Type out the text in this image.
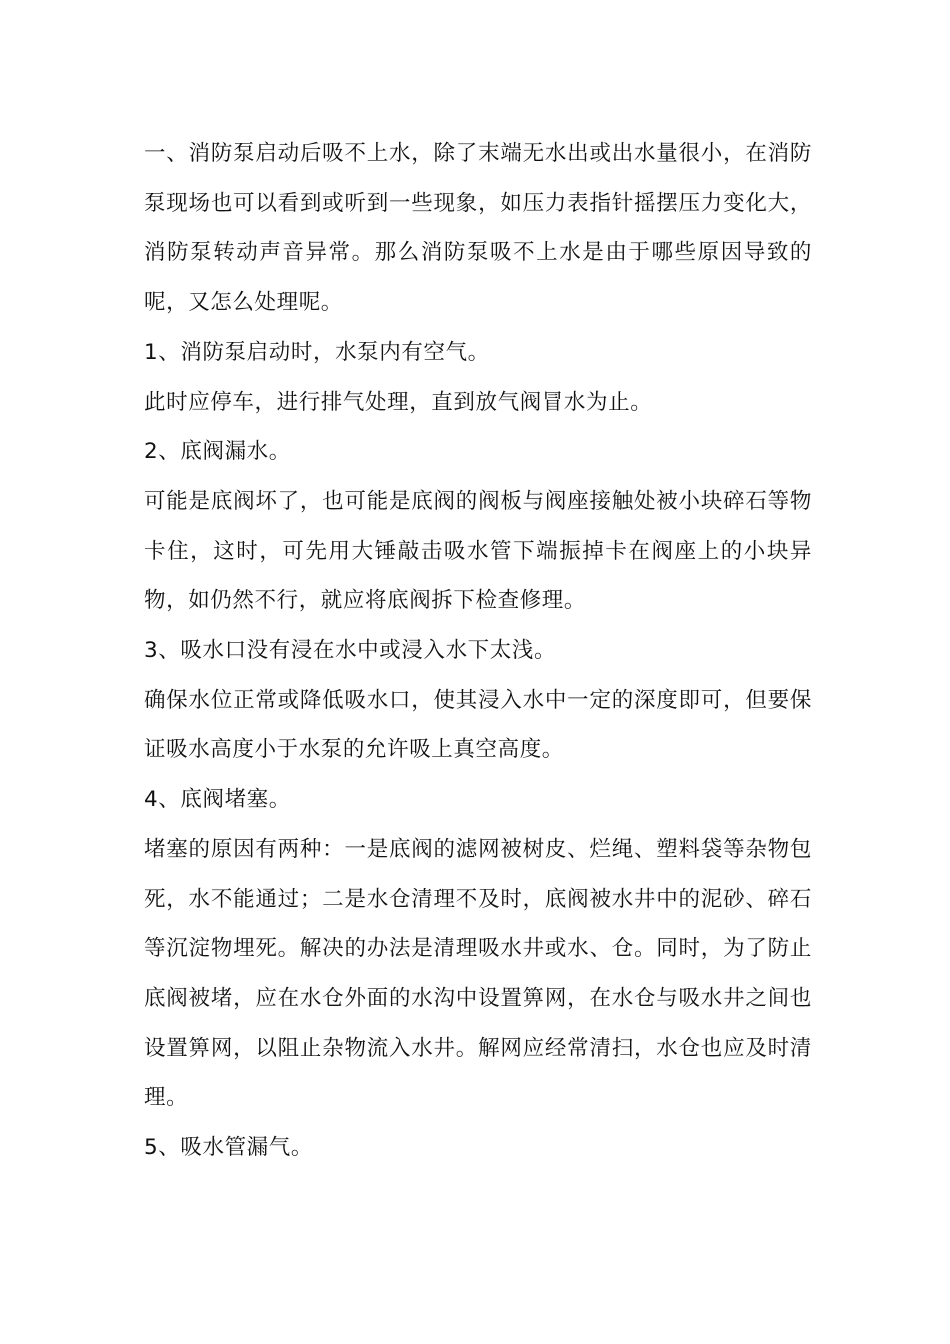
一、消防泵启动后吸不上水，除了末端无水出或出水量很小，在消防泵现场也可以看到或听到一些现象，如压力表指针摇摆压力变化大，消防泵转动声音异常。那么消防泵吸不上水是由于哪些原因导致的呢，又怎么处理呢。

1、消防泵启动时，水泵内有空气。

此时应停车，进行排气处理，直到放气阀冒水为止。

2、底阀漏水。

可能是底阀坏了，也可能是底阀的阀板与阀座接触处被小块碎石等物卡住，这时，可先用大锤敲击吸水管下端振掉卡在阀座上的小块异物，如仍然不行，就应将底阀拆下检查修理。

3、吸水口没有浸在水中或浸入水下太浅。

确保水位正常或降低吸水口，使其浸入水中一定的深度即可，但要保证吸水高度小于水泵的允许吸上真空高度。

4、底阀堵塞。

堵塞的原因有两种：一是底阀的滤网被树皮、烂绳、塑料袋等杂物包死，水不能通过；二是水仓清理不及时，底阀被水井中的泥砂、碎石等沉淀物埋死。解决的办法是清理吸水井或水、仓。同时，为了防止底阀被堵，应在水仓外面的水沟中设置箅网，在水仓与吸水井之间也设置箅网，以阻止杂物流入水井。解网应经常清扫，水仓也应及时清理。

5、吸水管漏气。
